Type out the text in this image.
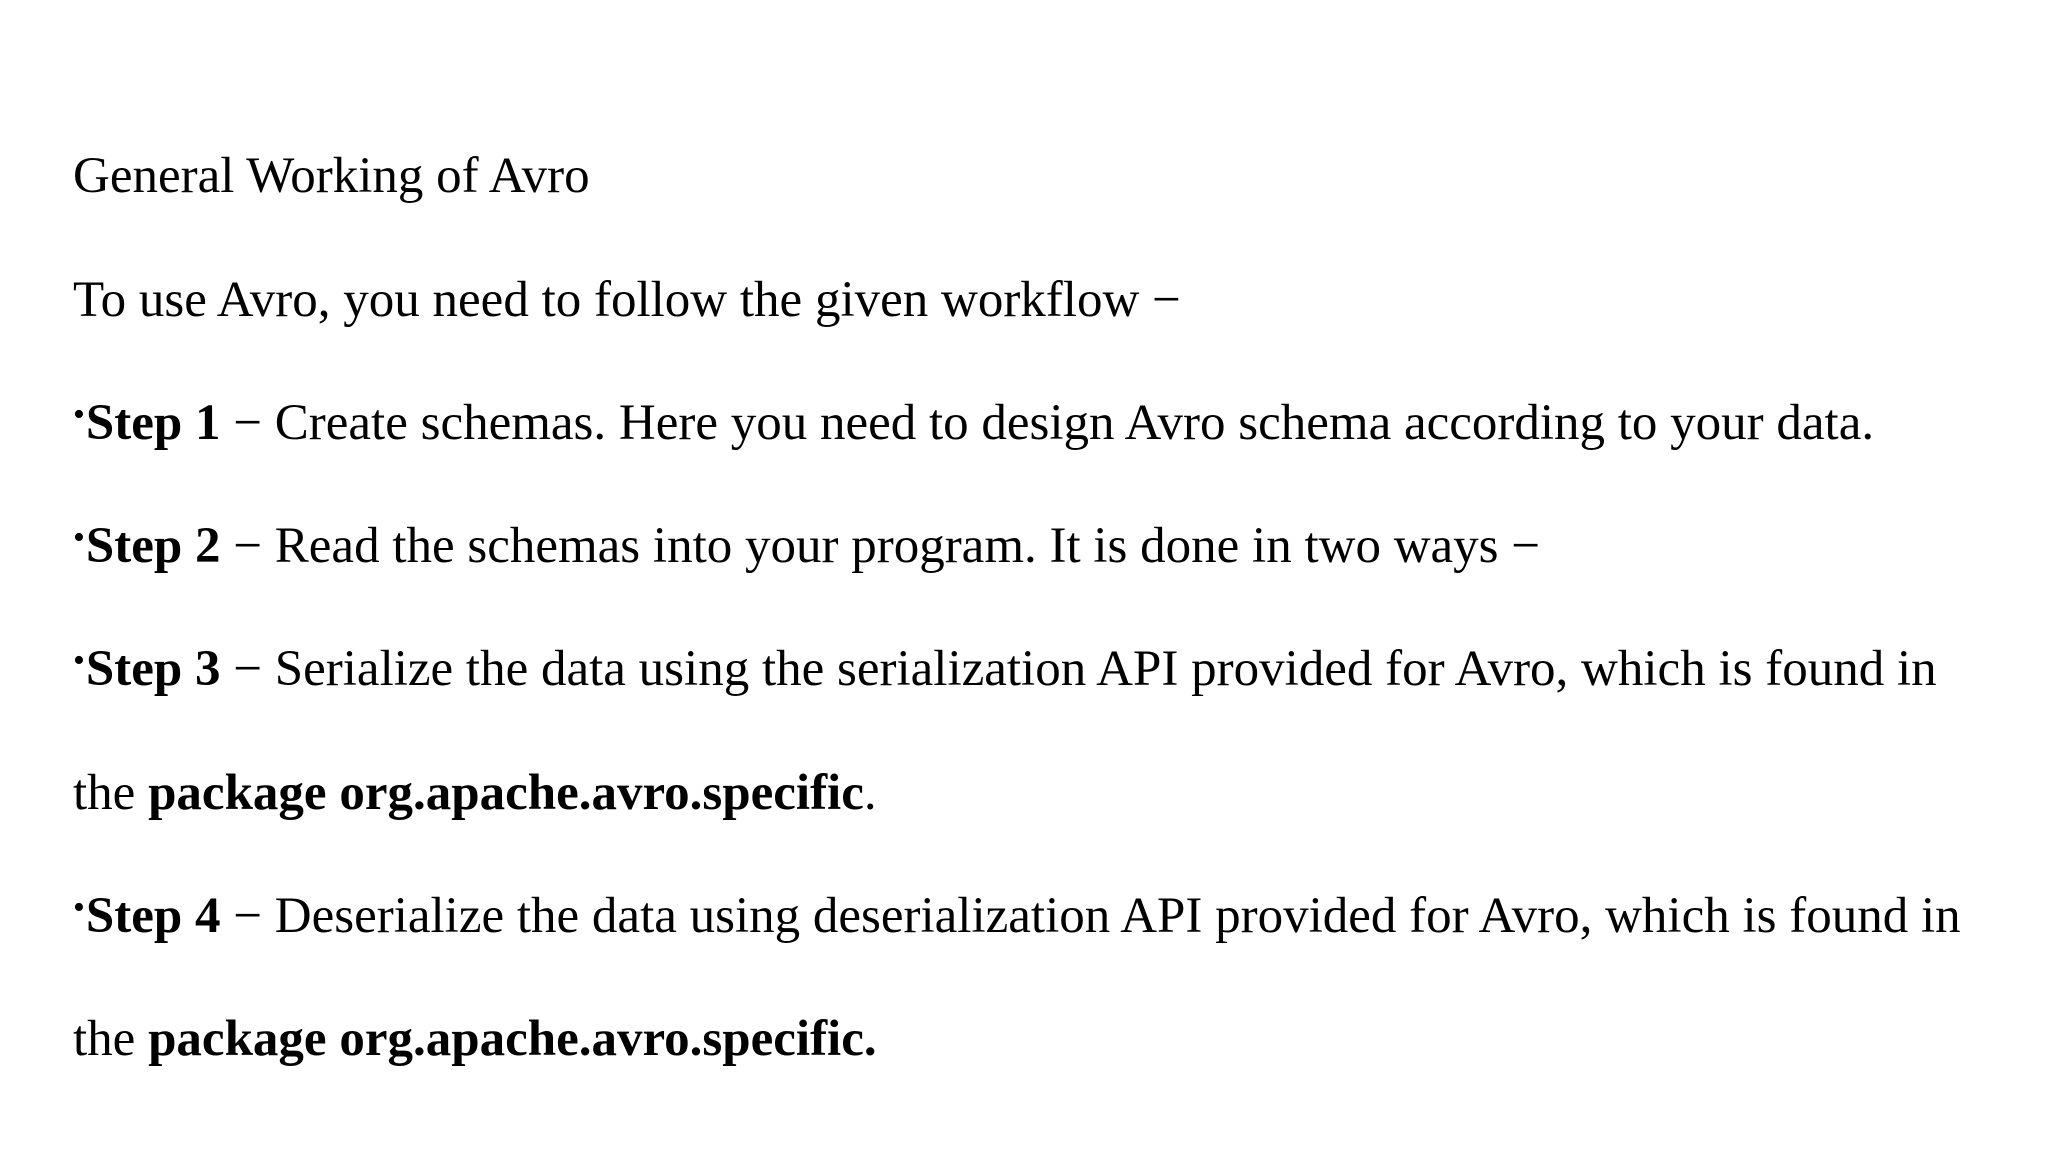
General Working of Avro

To use Avro, you need to follow the given workflow −

•Step 1 − Create schemas. Here you need to design Avro schema according to your data.

•Step 2 − Read the schemas into your program. It is done in two ways −

•Step 3 − Serialize the data using the serialization API provided for Avro, which is found in

the package org.apache.avro.specific.

•Step 4 − Deserialize the data using deserialization API provided for Avro, which is found in

the package org.apache.avro.specific.
